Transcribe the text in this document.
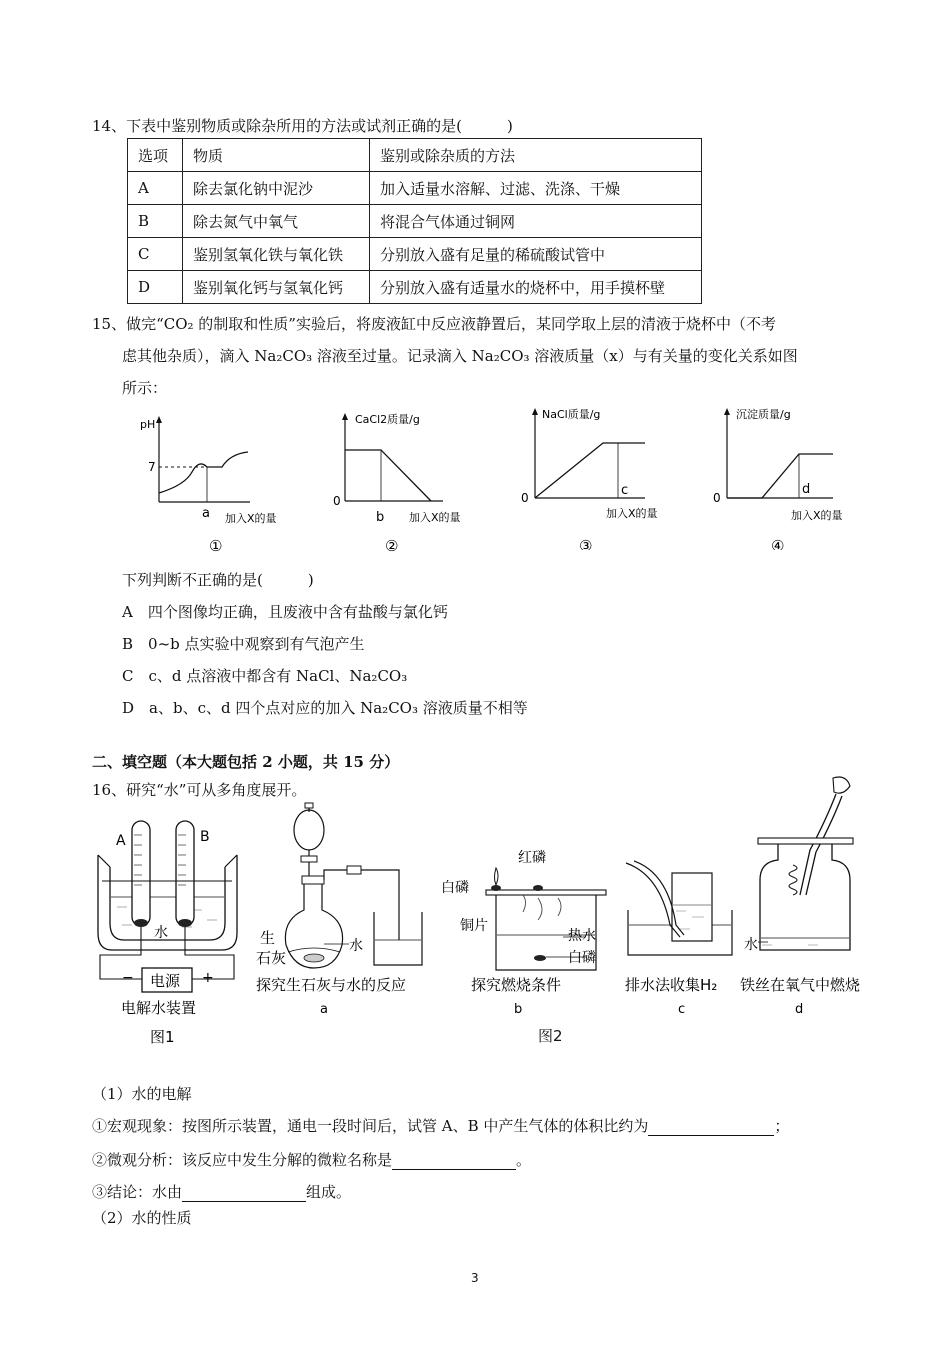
14、下表中鉴别物质或除杂所用的方法或试剂正确的是(　　　)
选项	物质	鉴别或除杂质的方法
A	除去氯化钠中泥沙	加入适量水溶解、过滤、洗涤、干燥
B	除去氮气中氧气	将混合气体通过铜网
C	鉴别氢氧化铁与氧化铁	分别放入盛有足量的稀硫酸试管中
D	鉴别氧化钙与氢氧化钙	分别放入盛有适量水的烧杯中，用手摸杯壁
15、做完“CO₂ 的制取和性质”实验后，将废液缸中反应液静置后，某同学取上层的清液于烧杯中（不考
虑其他杂质），滴入 Na₂CO₃ 溶液至过量。记录滴入 Na₂CO₃ 溶液质量（x）与有关量的变化关系如图
所示：
pH
7
a 加入X的量
①
CaCl2质量/g
0
b 加入X的量
②
NaCl质量/g
0	c
加入X的量
③
沉淀质量/g
0
d
加入X的量
④
下列判断不正确的是(　　　)
A　四个图像均正确，且废液中含有盐酸与氯化钙
B　0~b 点实验中观察到有气泡产生
C　c、d 点溶液中都含有 NaCl、Na₂CO₃
D　a、b、c、d 四个点对应的加入 Na₂CO₃ 溶液质量不相等
二、填空题（本大题包括 2 小题，共 15 分）
16、研究“水”可从多角度展开。
A	B
水
−	+
电源
电解水装置
图1
生
石灰
水
探究生石灰与水的反应
a
红磷
白磷
铜片
热水
白磷
探究燃烧条件
b
排水法收集H₂
c
水
铁丝在氧气中燃烧
d
图2
（1）水的电解
①宏观现象：按图所示装置，通电一段时间后，试管 A、B 中产生气体的体积比约为	；
②微观分析：该反应中发生分解的微粒名称是	。
③结论：水由	组成。
（2）水的性质
3
